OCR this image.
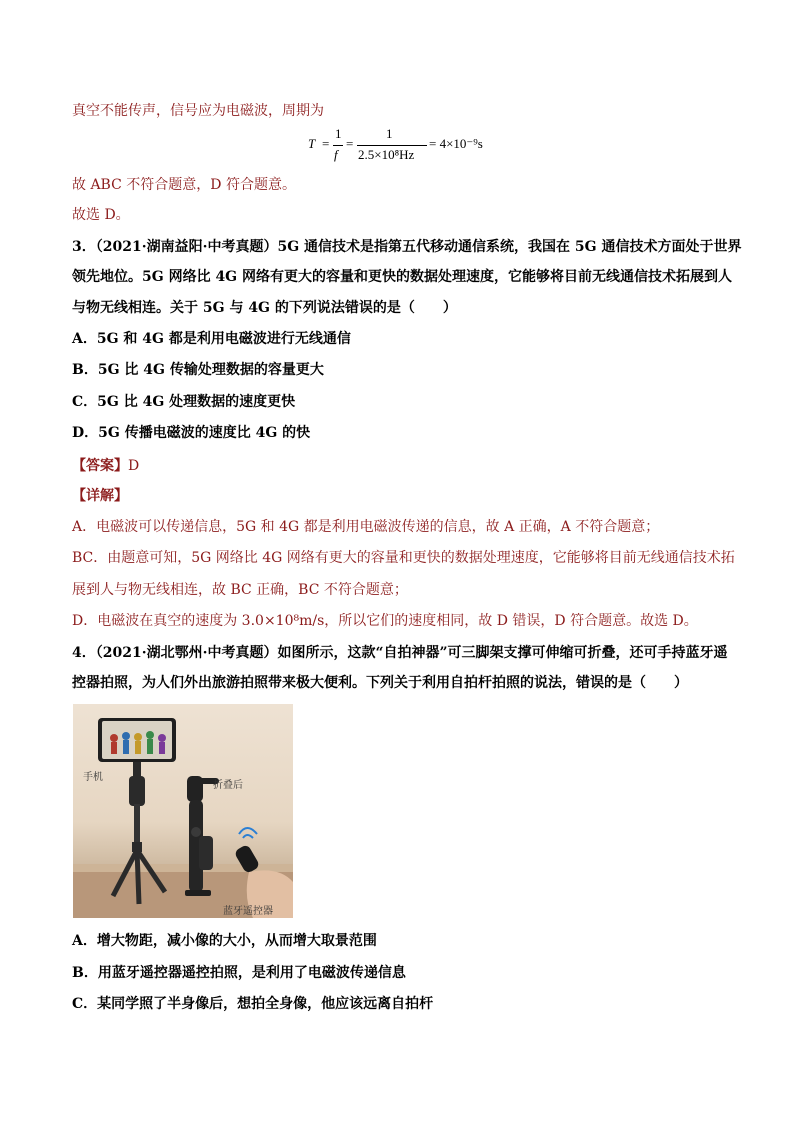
真空不能传声，信号应为电磁波，周期为
T =
1
f
=
1
2.5×10⁸Hz
= 4×10⁻⁹s
故 ABC 不符合题意，D 符合题意。
故选 D。
3．（2021·湖南益阳·中考真题）5G 通信技术是指第五代移动通信系统，我国在 5G 通信技术方面处于世界
领先地位。5G 网络比 4G 网络有更大的容量和更快的数据处理速度，它能够将目前无线通信技术拓展到人
与物无线相连。关于 5G 与 4G 的下列说法错误的是（　　）
A．5G 和 4G 都是利用电磁波进行无线通信
B．5G 比 4G 传输处理数据的容量更大
C．5G 比 4G 处理数据的速度更快
D．5G 传播电磁波的速度比 4G 的快
【答案】D
【详解】
A．电磁波可以传递信息，5G 和 4G 都是利用电磁波传递的信息，故 A 正确，A 不符合题意；
BC．由题意可知，5G 网络比 4G 网络有更大的容量和更快的数据处理速度，它能够将目前无线通信技术拓
展到人与物无线相连，故 BC 正确，BC 不符合题意；
D．电磁波在真空的速度为 3.0×10⁸m/s，所以它们的速度相同，故 D 错误，D 符合题意。故选 D。
4．（2021·湖北鄂州·中考真题）如图所示，这款“自拍神器”可三脚架支撑可伸缩可折叠，还可手持蓝牙遥
控器拍照，为人们外出旅游拍照带来极大便利。下列关于利用自拍杆拍照的说法，错误的是（　　）
手机
折叠后
蓝牙遥控器
A．增大物距，减小像的大小，从而增大取景范围
B．用蓝牙遥控器遥控拍照，是利用了电磁波传递信息
C．某同学照了半身像后，想拍全身像，他应该远离自拍杆
